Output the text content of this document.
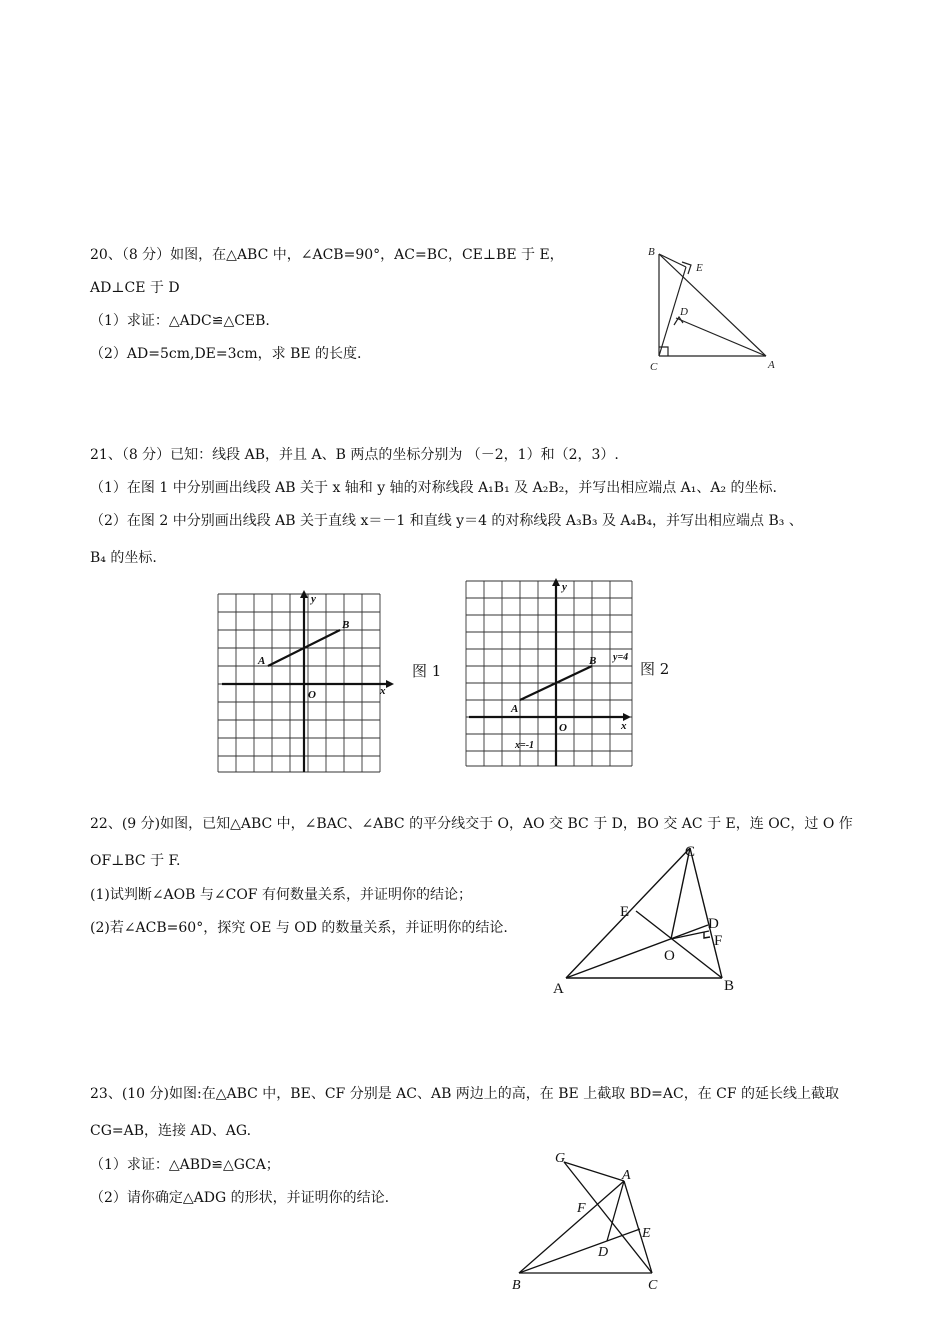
20、（8 分）如图，在△ABC 中，∠ACB=90°，AC=BC，CE⊥BE 于 E，
AD⊥CE 于 D
（1）求证：△ADC≌△CEB.
（2）AD=5cm,DE=3cm，求 BE 的长度.
B
E
D
C	A
21、（8 分）已知：线段 AB，并且 A、B 两点的坐标分别为 （－2，1）和（2，3）.
（1）在图 1 中分别画出线段 AB 关于 x 轴和 y 轴的对称线段 A₁B₁ 及 A₂B₂，并写出相应端点 A₁、A₂ 的坐标.
（2）在图 2 中分别画出线段 AB 关于直线 x＝－1 和直线 y＝4 的对称线段 A₃B₃ 及 A₄B₄，并写出相应端点 B₃ 、
B₄ 的坐标.
y
x
O
A
B
图 1
y
x
O
A
B y=4
x=-1
图 2
22、(9 分)如图，已知△ABC 中，∠BAC、∠ABC 的平分线交于 O，AO 交 BC 于 D，BO 交 AC 于 E，连 OC，过 O 作
OF⊥BC 于 F.
(1)试判断∠AOB 与∠COF 有何数量关系，并证明你的结论；
(2)若∠ACB=60°，探究 OE 与 OD 的数量关系，并证明你的结论.
C
E
D
F
O
A	B
23、(10 分)如图:在△ABC 中，BE、CF 分别是 AC、AB 两边上的高，在 BE 上截取 BD=AC，在 CF 的延长线上截取
CG=AB，连接 AD、AG.
（1）求证：△ABD≌△GCA；
（2）请你确定△ADG 的形状，并证明你的结论.
G
A
F
E
D
B	C
